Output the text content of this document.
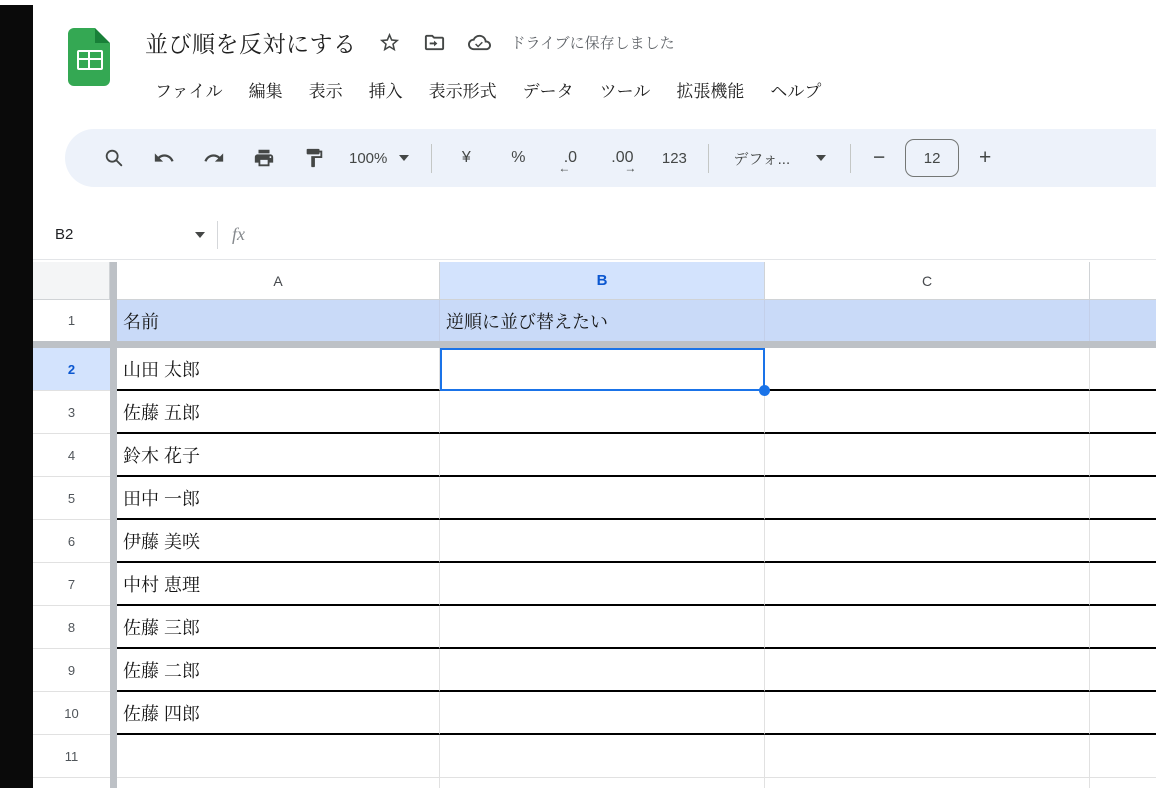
並び順を反対にする	ドライブに保存しました
ファイル	編集	表示	挿入	表示形式	データ	ツール	拡張機能	ヘルプ
100%	¥	%	.0
←
.00
→
123	デフォ...	−	12	+
B2	fx
A	B	C
1	名前	逆順に並び替えたい
2	山田 太郎
3	佐藤 五郎
4	鈴木 花子
5	田中 一郎
6	伊藤 美咲
7	中村 恵理
8	佐藤 三郎
9	佐藤 二郎
10	佐藤 四郎
11
